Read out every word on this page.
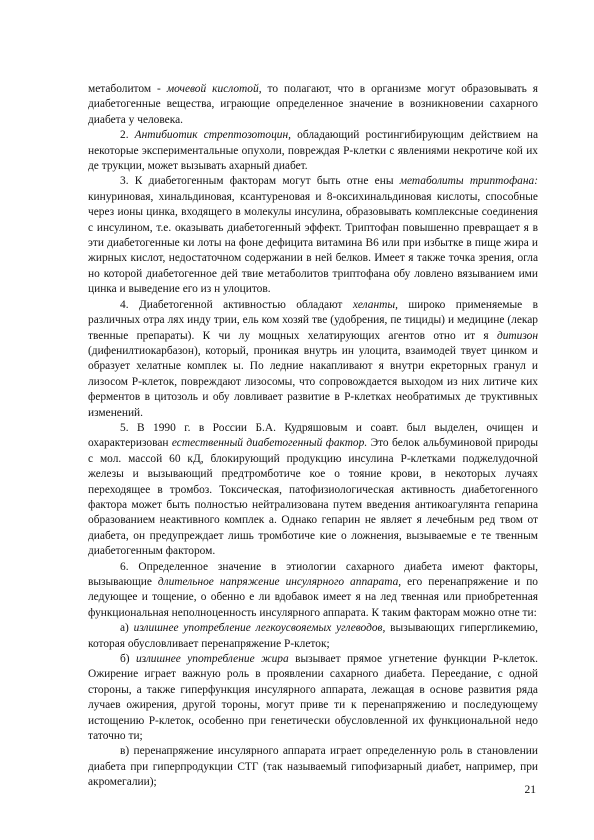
метаболитом - мочевой кислотой, то полагают, что в организме могут образовывать я диабетогенные вещества, играющие определенное значение в возникновении сахарного диабета у человека.

2. Антибиотик стрептозотоцин, обладающий ростингибирующим действием на некоторые экспериментальные опухоли, повреждая Р-клетки с явлениями некротиче кой их де трукции, может вызывать ахарный диабет.

3. К диабетогенным факторам могут быть отне ены метаболиты триптофана: кинуриновая, хинальдиновая, ксантуреновая и 8-оксихинальдиновая кислоты, способные через ионы цинка, входящего в молекулы инсулина, образовывать комплексные соединения с инсулином, т.е. оказывать диабетогенный эффект. Триптофан повышенно превращает я в эти диабетогенные ки лоты на фоне дефицита витамина В6 или при избытке в пище жира и жирных кислот, недостаточном содержании в ней белков. Имеет я также точка зрения, огла но которой диабетогенное дей твие метаболитов триптофана обу ловлено вязыванием ими цинка и выведение его из н улоцитов.

4. Диабетогенной активностью обладают хеланты, широко применяемые в различных отра лях инду трии, ель ком хозяй тве (удобрения, пе тициды) и медицине (лекар твенные препараты). К чи лу мощных хелатирующих агентов отно ит я дитизон (дифенилтиокарбазон), который, проникая внутрь ин улоцита, взаимодей твует цинком и образует хелатные комплек ы. По ледние накапливают я внутри екреторных гранул и лизосом Р-клеток, повреждают лизосомы, что сопровождается выходом из них литиче ких ферментов в цитозоль и обу ловливает развитие в Р-клетках необратимых де труктивных изменений.

5. В 1990 г. в России Б.А. Кудряшовым и соавт. был выделен, очищен и охарактеризован естественный диабетогенный фактор. Это белок альбуминовой природы с мол. массой 60 кД, блокирующий продукцию инсулина Р-клетками поджелудочной железы и вызывающий предтромботиче кое о тояние крови, в некоторых лучаях переходящее в тромбоз. Токсическая, патофизиологическая активность диабетогенного фактора может быть полностью нейтрализована путем введения антикоагулянта гепарина образованием неактивного комплек а. Однако гепарин не являет я лечебным ред твом от диабета, он предупреждает лишь тромботиче кие о ложнения, вызываемые е те твенным диабетогенным фактором.

6. Определенное значение в этиологии сахарного диабета имеют факторы, вызывающие длительное напряжение инсулярного аппарата, его перенапряжение и по ледующее и тощение, о обенно е ли вдобавок имеет я на лед твенная или приобретенная функциональная неполноценность инсулярного аппарата. К таким факторам можно отне ти:

а) излишнее употребление легкоусвояемых углеводов, вызывающих гипергликемию, которая обусловливает перенапряжение Р-клеток;

б) излишнее употребление жира вызывает прямое угнетение функции Р-клеток. Ожирение играет важную роль в проявлении сахарного диабета. Переедание, с одной стороны, а также гиперфункция инсулярного аппарата, лежащая в основе развития ряда лучаев ожирения, другой тороны, могут приве ти к перенапряжению и последующему истощению Р-клеток, особенно при генетически обусловленной их функциональной недо таточно ти;

в) перенапряжение инсулярного аппарата играет определенную роль в становлении диабета при гиперпродукции СТГ (так называемый гипофизарный диабет, например, при акромегалии);

21
